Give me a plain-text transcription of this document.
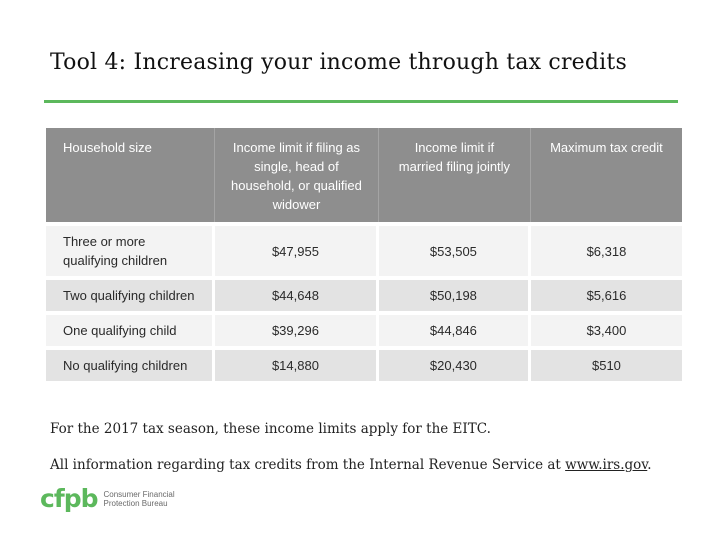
Tool 4: Increasing your income through tax credits
Household size	Income limit if filing as single, head of household, or qualified widower	Income limit if married filing jointly	Maximum tax credit
Three or more qualifying children	$47,955	$53,505	$6,318
Two qualifying children	$44,648	$50,198	$5,616
One qualifying child	$39,296	$44,846	$3,400
No qualifying children	$14,880	$20,430	$510
For the 2017 tax season, these income limits apply for the EITC.
All information regarding tax credits from the Internal Revenue Service at www.irs.gov.
cfpb Consumer Financial Protection Bureau
